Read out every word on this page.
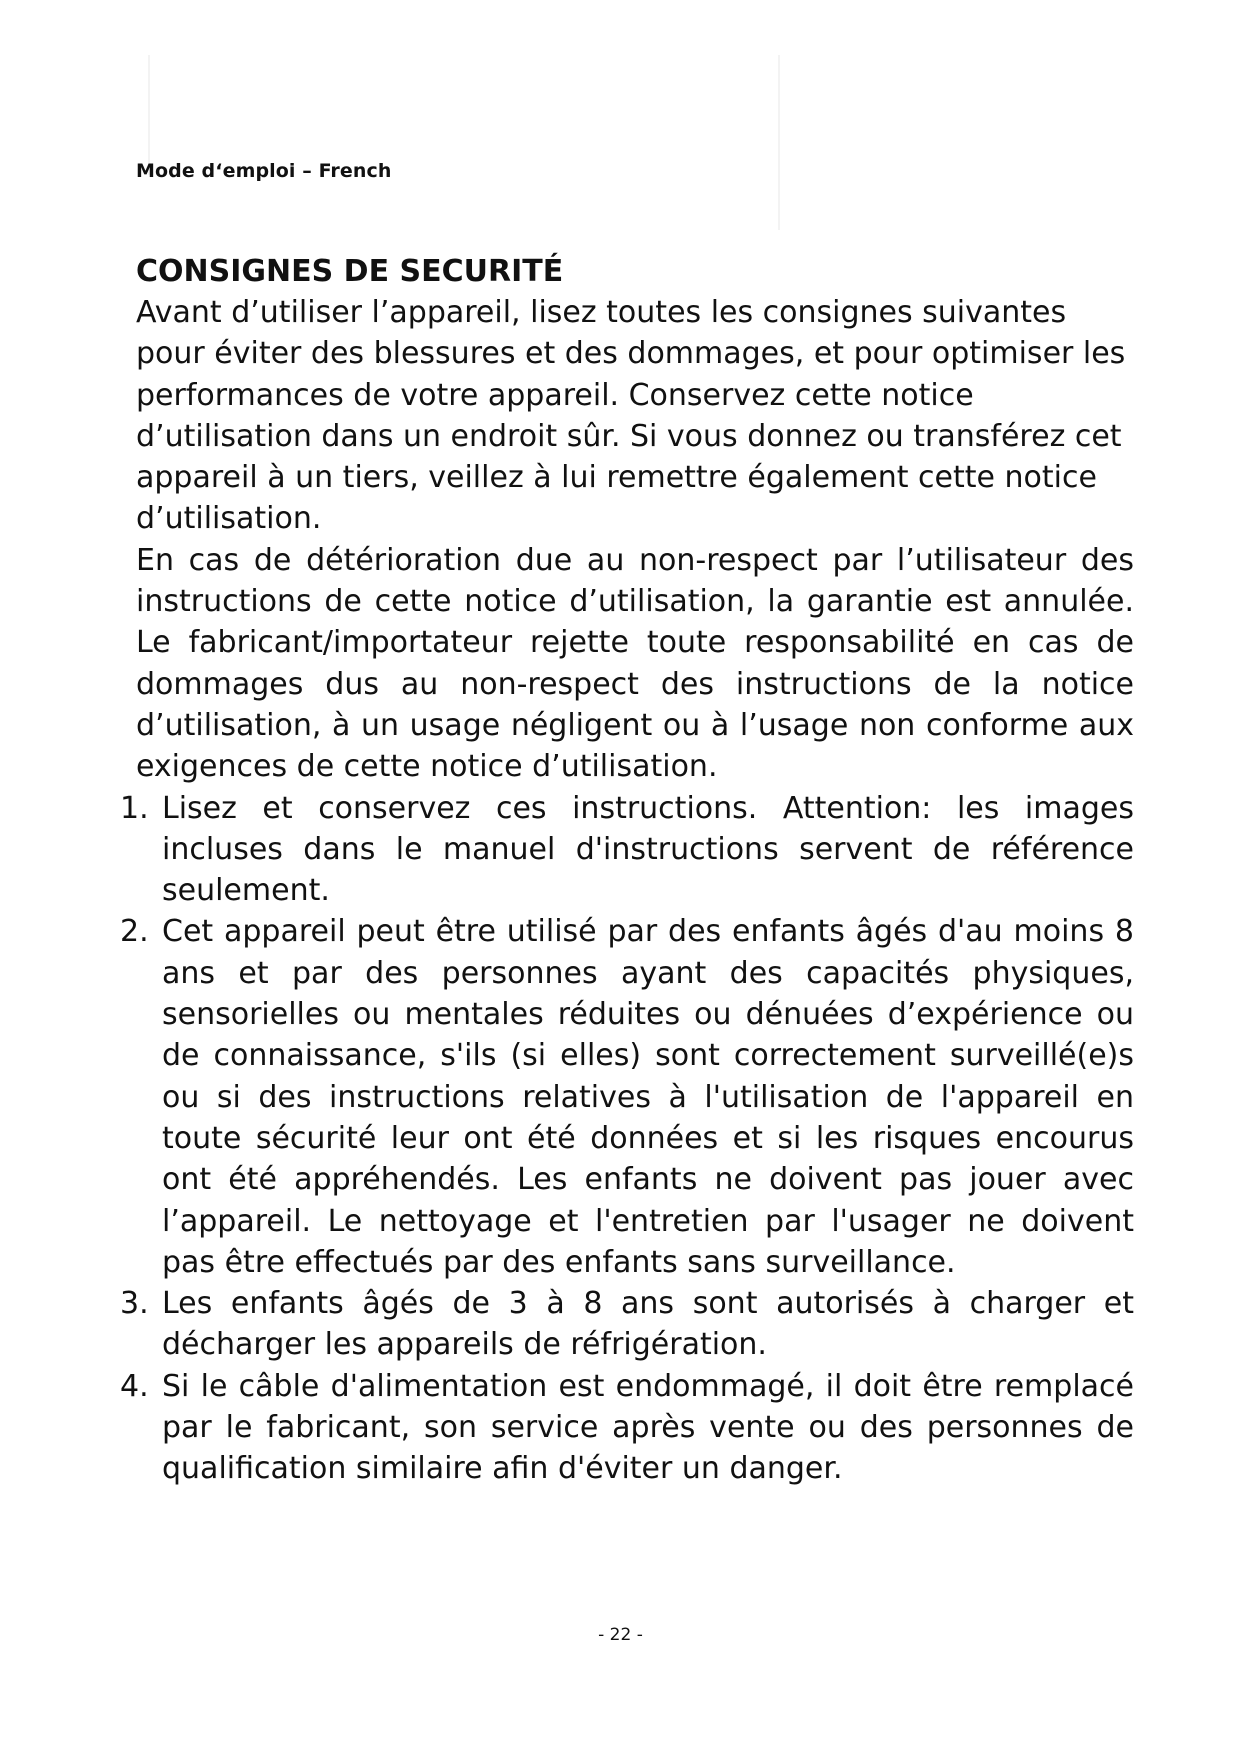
Mode d‘emploi – French
CONSIGNES DE SECURITÉ

Avant d’utiliser l’appareil, lisez toutes les consignes suivantes pour éviter des blessures et des dommages, et pour optimiser les performances de votre appareil. Conservez cette notice d’utilisation dans un endroit sûr. Si vous donnez ou transférez cet appareil à un tiers, veillez à lui remettre également cette notice d’utilisation.

En cas de détérioration due au non-respect par l’utilisateur des instructions de cette notice d’utilisation, la garantie est annulée. Le fabricant/importateur rejette toute responsabilité en cas de dommages dus au non-respect des instructions de la notice d’utilisation, à un usage négligent ou à l’usage non conforme aux exigences de cette notice d’utilisation.

1. Lisez et conservez ces instructions. Attention: les images incluses dans le manuel d'instructions servent de référence seulement.
2. Cet appareil peut être utilisé par des enfants âgés d'au moins 8 ans et par des personnes ayant des capacités physiques, sensorielles ou mentales réduites ou dénuées d’expérience ou de connaissance, s'ils (si elles) sont correctement surveillé(e)s ou si des instructions relatives à l'utilisation de l'appareil en toute sécurité leur ont été données et si les risques encourus ont été appréhendés. Les enfants ne doivent pas jouer avec l’appareil. Le nettoyage et l'entretien par l'usager ne doivent pas être effectués par des enfants sans surveillance.
3. Les enfants âgés de 3 à 8 ans sont autorisés à charger et décharger les appareils de réfrigération.
4. Si le câble d'alimentation est endommagé, il doit être remplacé par le fabricant, son service après vente ou des personnes de qualification similaire afin d'éviter un danger.
- 22 -
